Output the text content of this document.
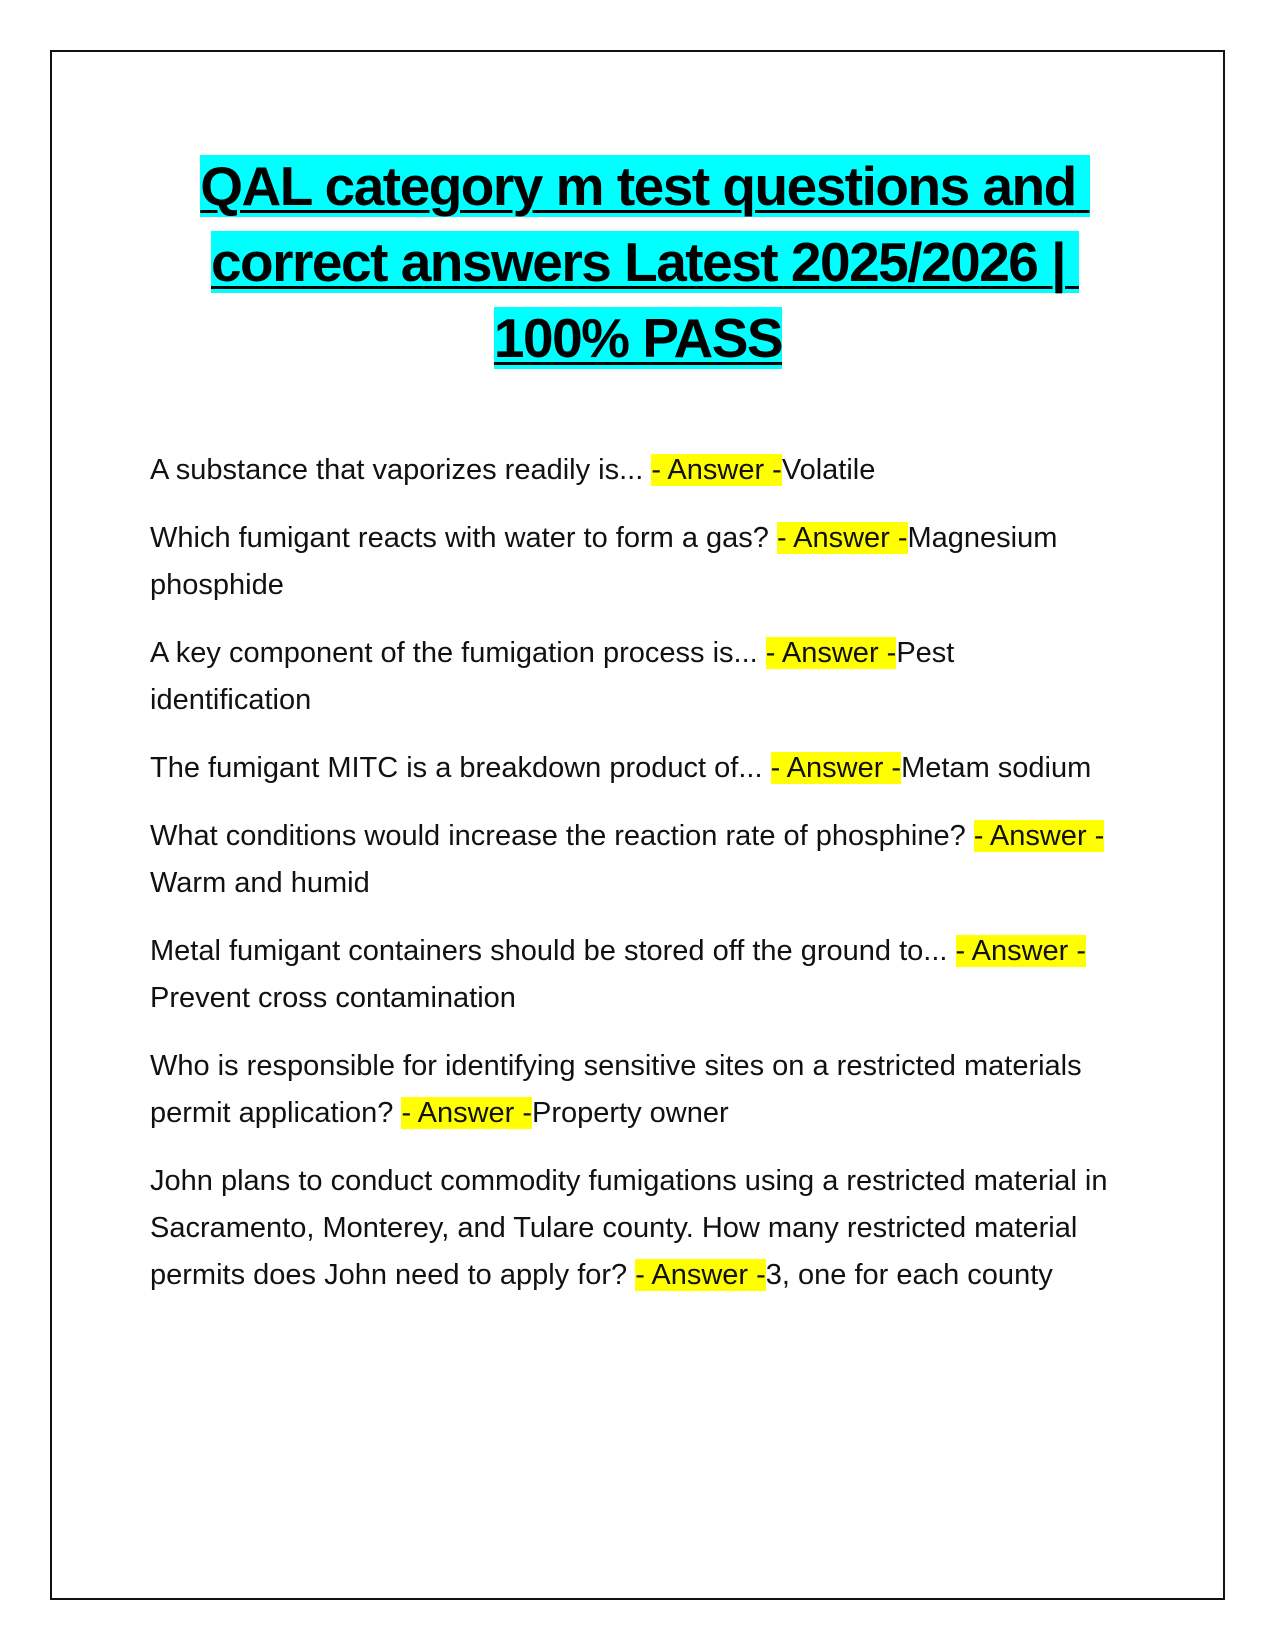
QAL category m test questions and correct answers Latest 2025/2026 | 100% PASS
A substance that vaporizes readily is... - Answer -Volatile
Which fumigant reacts with water to form a gas? - Answer -Magnesium phosphide
A key component of the fumigation process is... - Answer -Pest identification
The fumigant MITC is a breakdown product of... - Answer -Metam sodium
What conditions would increase the reaction rate of phosphine? - Answer -Warm and humid
Metal fumigant containers should be stored off the ground to... - Answer -Prevent cross contamination
Who is responsible for identifying sensitive sites on a restricted materials permit application? - Answer -Property owner
John plans to conduct commodity fumigations using a restricted material in Sacramento, Monterey, and Tulare county. How many restricted material permits does John need to apply for? - Answer -3, one for each county
